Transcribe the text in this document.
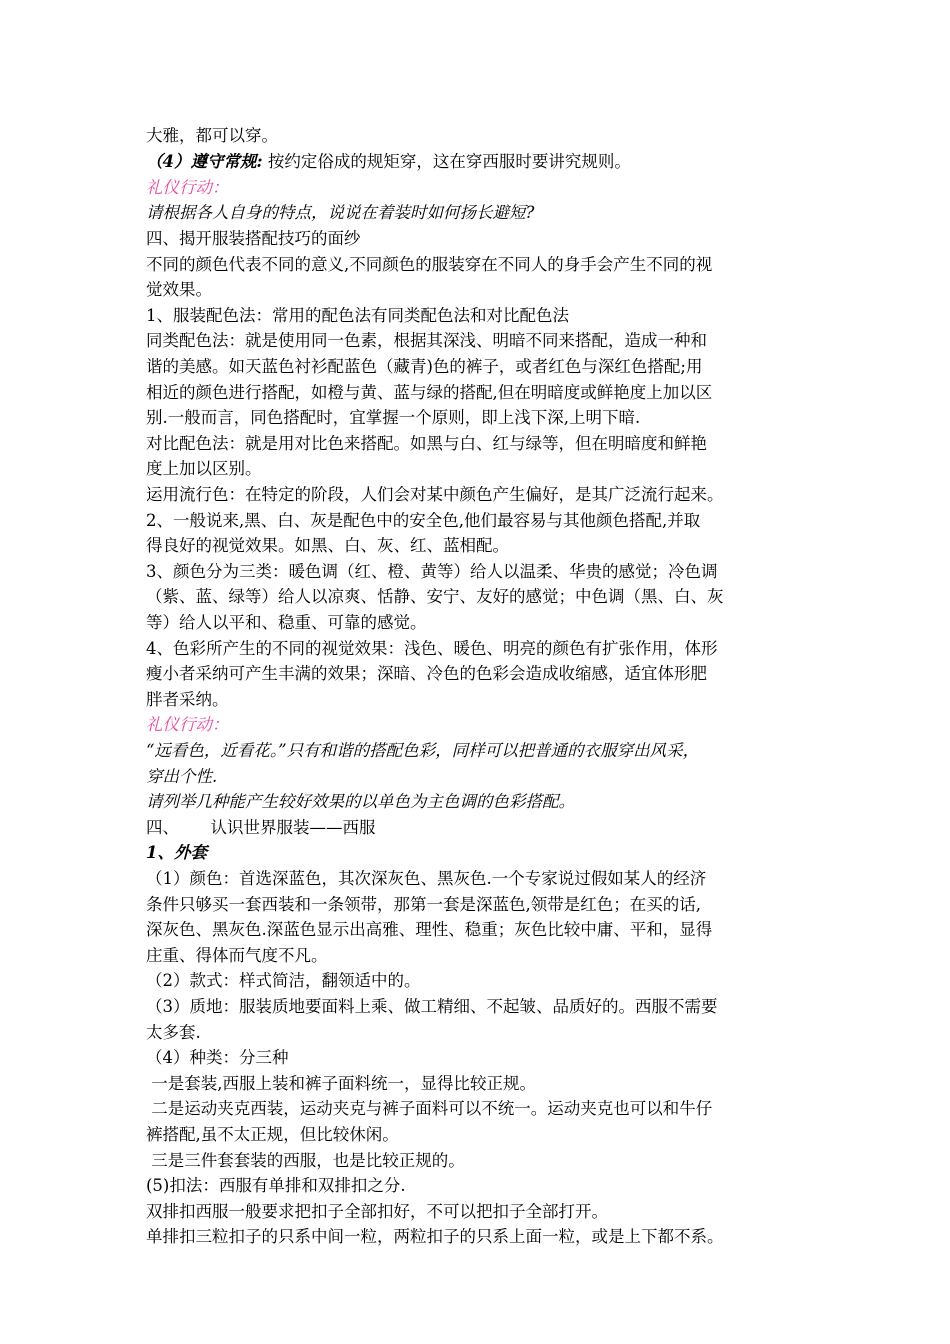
大雅，都可以穿。
（4）遵守常规: 按约定俗成的规矩穿，这在穿西服时要讲究规则。
礼仪行动：
请根据各人自身的特点，说说在着装时如何扬长避短?
四、揭开服装搭配技巧的面纱
不同的颜色代表不同的意义,不同颜色的服装穿在不同人的身手会产生不同的视
觉效果。
1、服装配色法：常用的配色法有同类配色法和对比配色法
同类配色法：就是使用同一色素，根据其深浅、明暗不同来搭配，造成一种和
谐的美感。如天蓝色衬衫配蓝色（藏青)色的裤子，或者红色与深红色搭配;用
相近的颜色进行搭配，如橙与黄、蓝与绿的搭配,但在明暗度或鲜艳度上加以区
别.一般而言，同色搭配时，宜掌握一个原则，即上浅下深,上明下暗.
对比配色法：就是用对比色来搭配。如黑与白、红与绿等，但在明暗度和鲜艳
度上加以区别。
运用流行色：在特定的阶段，人们会对某中颜色产生偏好，是其广泛流行起来。
2、一般说来,黑、白、灰是配色中的安全色,他们最容易与其他颜色搭配,并取
得良好的视觉效果。如黑、白、灰、红、蓝相配。
3、颜色分为三类：暖色调（红、橙、黄等）给人以温柔、华贵的感觉；冷色调
（紫、蓝、绿等）给人以凉爽、恬静、安宁、友好的感觉；中色调（黑、白、灰
等）给人以平和、稳重、可靠的感觉。
4、色彩所产生的不同的视觉效果：浅色、暖色、明亮的颜色有扩张作用，体形
瘦小者采纳可产生丰满的效果；深暗、冷色的色彩会造成收缩感，适宜体形肥
胖者采纳。
礼仪行动：
“远看色，近看花。”只有和谐的搭配色彩，同样可以把普通的衣服穿出风采，
穿出个性.
请列举几种能产生较好效果的以单色为主色调的色彩搭配。
四、      认识世界服装——西服
1、外套
（1）颜色：首选深蓝色，其次深灰色、黑灰色.一个专家说过假如某人的经济
条件只够买一套西装和一条领带，那第一套是深蓝色,领带是红色；在买的话,
深灰色、黑灰色.深蓝色显示出高雅、理性、稳重；灰色比较中庸、平和，显得
庄重、得体而气度不凡。
（2）款式：样式简洁，翻领适中的。
（3）质地：服装质地要面料上乘、做工精细、不起皱、品质好的。西服不需要
太多套.
（4）种类：分三种
一是套装,西服上装和裤子面料统一，显得比较正规。
二是运动夹克西装，运动夹克与裤子面料可以不统一。运动夹克也可以和牛仔
裤搭配,虽不太正规，但比较休闲。
三是三件套套装的西服，也是比较正规的。
(5)扣法：西服有单排和双排扣之分.
双排扣西服一般要求把扣子全部扣好，不可以把扣子全部打开。
单排扣三粒扣子的只系中间一粒，两粒扣子的只系上面一粒，或是上下都不系。
